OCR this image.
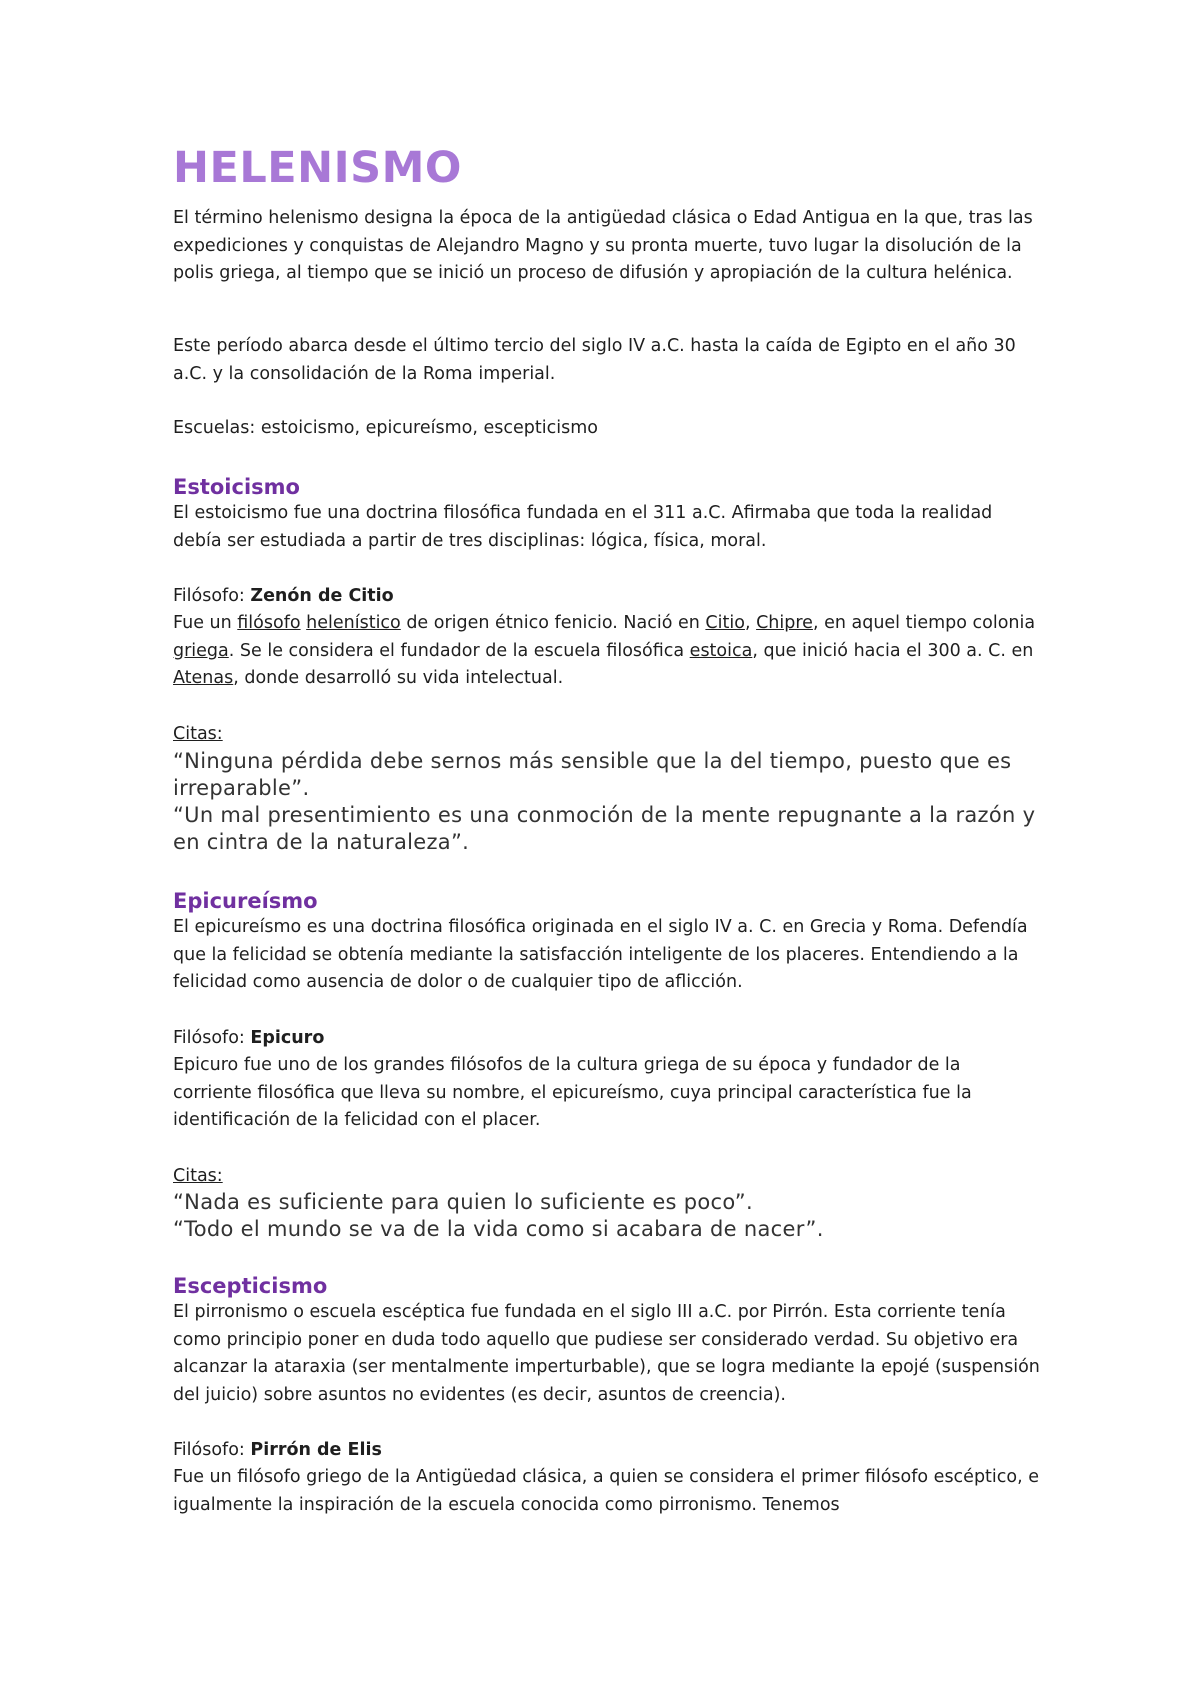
HELENISMO

El término helenismo designa la época de la antigüedad clásica o Edad Antigua en la que, tras las expediciones y conquistas de Alejandro Magno y su pronta muerte, tuvo lugar la disolución de la polis griega, al tiempo que se inició un proceso de difusión y apropiación de la cultura helénica.

Este período abarca desde el último tercio del siglo IV a.C. hasta la caída de Egipto en el año 30 a.C. y la consolidación de la Roma imperial.

Escuelas: estoicismo, epicureísmo, escepticismo

Estoicismo

El estoicismo fue una doctrina filosófica fundada en el 311 a.C. Afirmaba que toda la realidad debía ser estudiada a partir de tres disciplinas: lógica, física, moral.

Filósofo: Zenón de Citio

Fue un filósofo helenístico de origen étnico fenicio. Nació en Citio, Chipre, en aquel tiempo colonia griega. Se le considera el fundador de la escuela filosófica estoica, que inició hacia el 300 a. C. en Atenas, donde desarrolló su vida intelectual.

Citas:

“Ninguna pérdida debe sernos más sensible que la del tiempo, puesto que es irreparable”.

“Un mal presentimiento es una conmoción de la mente repugnante a la razón y en cintra de la naturaleza”.

Epicureísmo

El epicureísmo es una doctrina filosófica originada en el siglo IV a. C. en Grecia y Roma. Defendía que la felicidad se obtenía mediante la satisfacción inteligente de los placeres. Entendiendo a la felicidad como ausencia de dolor o de cualquier tipo de aflicción.

Filósofo: Epicuro

Epicuro fue uno de los grandes filósofos de la cultura griega de su época y fundador de la corriente filosófica que lleva su nombre, el epicureísmo, cuya principal característica fue la identificación de la felicidad con el placer.

Citas:

“Nada es suficiente para quien lo suficiente es poco”.

“Todo el mundo se va de la vida como si acabara de nacer”.

Escepticismo

El pirronismo o escuela escéptica fue fundada en el siglo III a.C. por Pirrón. Esta corriente tenía como principio poner en duda todo aquello que pudiese ser considerado verdad. Su objetivo era alcanzar la ataraxia (ser mentalmente imperturbable), que se logra mediante la epojé (suspensión del juicio) sobre asuntos no evidentes (es decir, asuntos de creencia).

Filósofo: Pirrón de Elis

Fue un filósofo griego de la Antigüedad clásica, a quien se considera el primer filósofo escéptico, e igualmente la inspiración de la escuela conocida como pirronismo. Tenemos
